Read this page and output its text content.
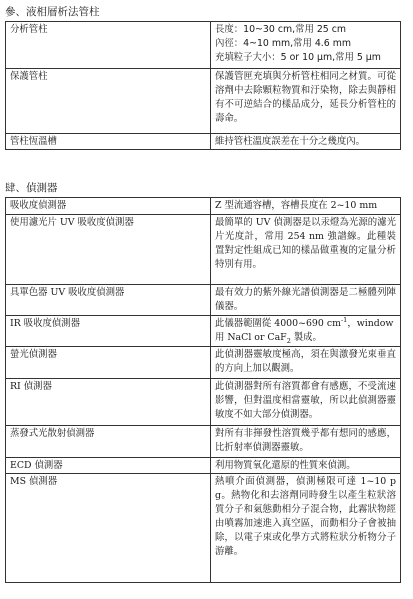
參、液相層析法管柱
分析管柱	長度：10~30 cm,常用 25 cm
內徑：4~10 mm,常用 4.6 mm
充填粒子大小：5 or 10 μm,常用 5 μm

保護管柱	保護管匣充填與分析管柱相同之材質。可從溶劑中去除顆粒物質和汙染物，除去與靜相有不可逆結合的樣品成分，延長分析管柱的壽命。

管柱恆溫槽	維持管柱溫度誤差在十分之幾度內。
肆、偵測器
吸收度偵測器	Z 型流通容槽，容槽長度在 2~10 mm
使用濾光片 UV 吸收度偵測器	最簡單的 UV 偵測器是以汞燈為光源的濾光片光度計，常用 254 nm 強譜線。此種裝置對定性組成已知的樣品做重複的定量分析特別有用。

具單色器 UV 吸收度偵測器	最有效力的紫外線光譜偵測器是二極體列陣儀器。

IR 吸收度偵測器	此儀器範圍從 4000~690 $cm^{-1}$，window 用 NaCl or CaF$_2$ 製成。

螢光偵測器	此偵測器靈敏度極高，須在與激發光束垂直的方向上加以觀測。

RI 偵測器	此偵測器對所有溶質都會有感應，不受流速影響，但對溫度相當靈敏，所以此偵測器靈敏度不如大部分偵測器。

蒸發式光散射偵測器	對所有非揮發性溶質幾乎都有想同的感應，比折射率偵測器靈敏。

ECD 偵測器	利用物質氧化還原的性質來偵測。
MS 偵測器	熱噴介面偵測器，偵測極限可達 1~10 pg。熱物化和去溶劑同時發生以產生粒狀溶質分子和氣態動相分子混合物，此霧狀物經由噴霧加速進入真空區，而動相分子會被抽除，以電子束或化學方式將粒狀分析物分子游離。
